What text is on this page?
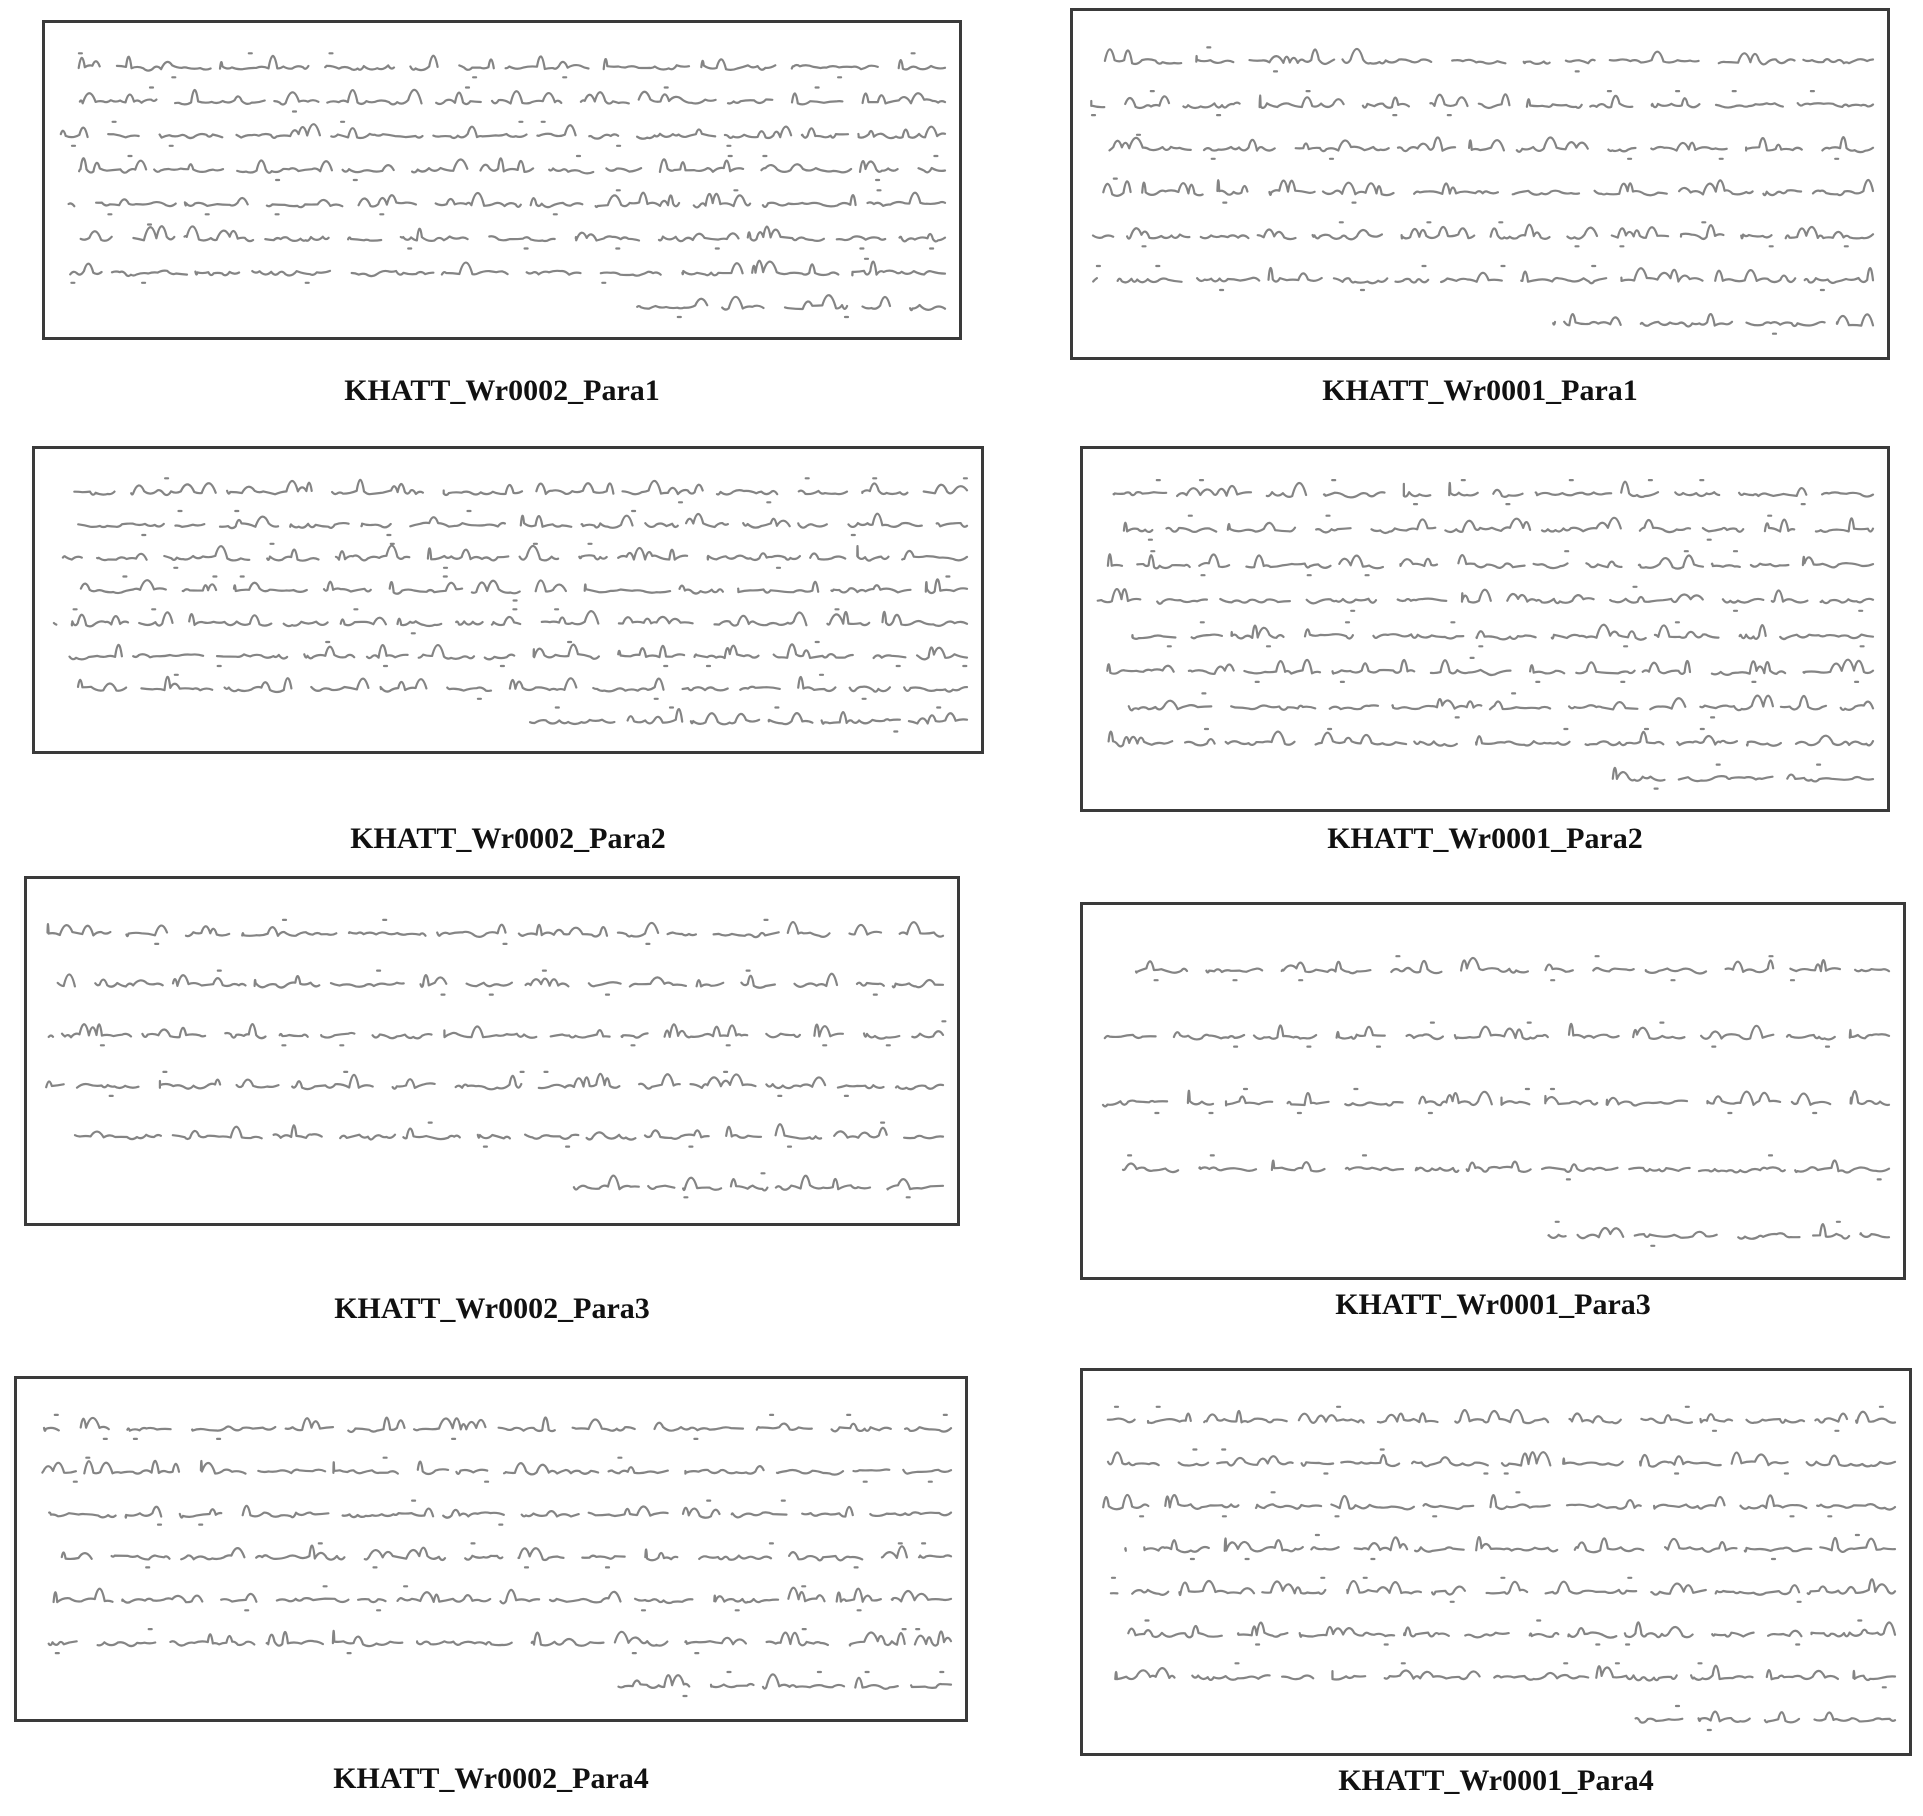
KHATT_Wr0002_Para1	KHATT_Wr0001_Para1
KHATT_Wr0002_Para2	KHATT_Wr0001_Para2
KHATT_Wr0002_Para3	KHATT_Wr0001_Para3
KHATT_Wr0002_Para4	KHATT_Wr0001_Para4
